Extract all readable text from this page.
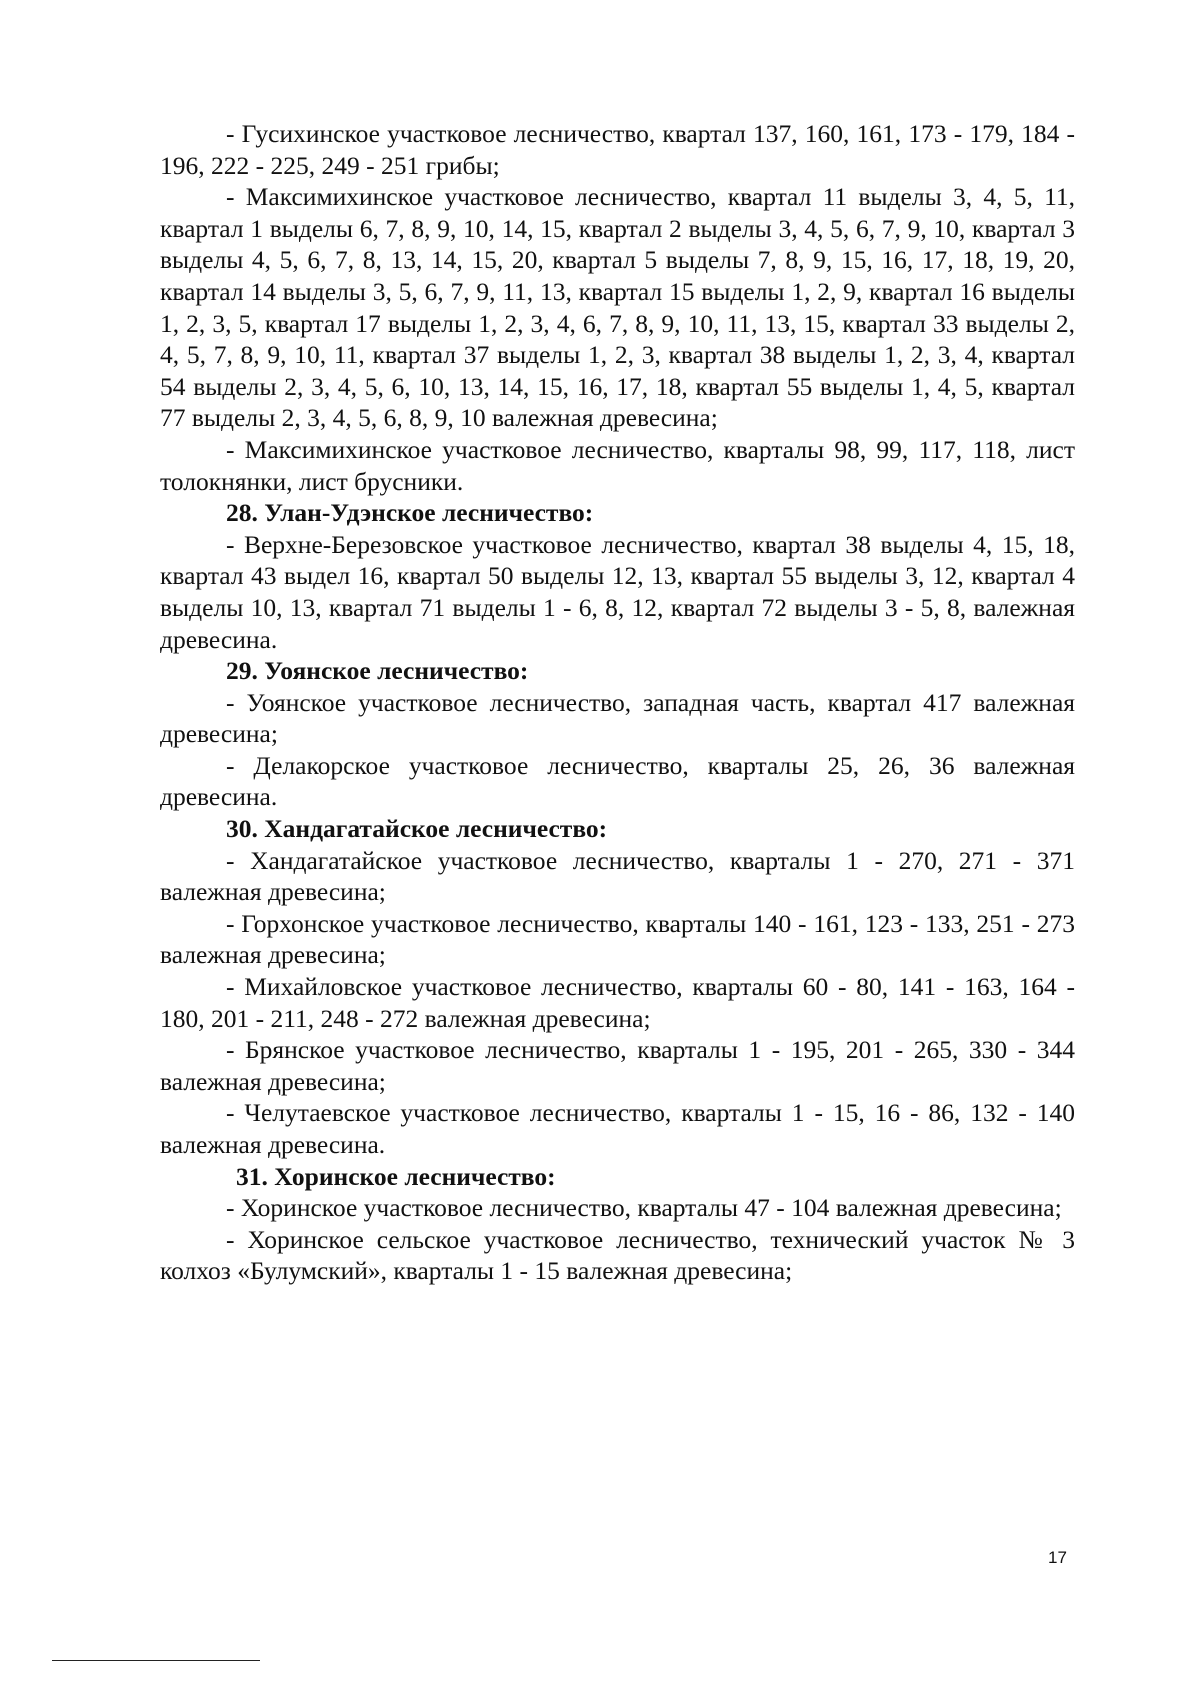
- Гусихинское участковое лесничество, квартал 137, 160, 161, 173 - 179, 184 - 196, 222 - 225, 249 - 251 грибы;

- Максимихинское участковое лесничество, квартал 11 выделы 3, 4, 5, 11, квартал 1 выделы 6, 7, 8, 9, 10, 14, 15, квартал 2 выделы 3, 4, 5, 6, 7, 9, 10, квартал 3 выделы 4, 5, 6, 7, 8, 13, 14, 15, 20, квартал 5 выделы 7, 8, 9, 15, 16, 17, 18, 19, 20, квартал 14 выделы 3, 5, 6, 7, 9, 11, 13, квартал 15 выделы 1, 2, 9, квартал 16 выделы 1, 2, 3, 5, квартал 17 выделы 1, 2, 3, 4, 6, 7, 8, 9, 10, 11, 13, 15, квартал 33 выделы 2, 4, 5, 7, 8, 9, 10, 11, квартал 37 выделы 1, 2, 3, квартал 38 выделы 1, 2, 3, 4, квартал 54 выделы 2, 3, 4, 5, 6, 10, 13, 14, 15, 16, 17, 18, квартал 55 выделы 1, 4, 5, квартал 77 выделы 2, 3, 4, 5, 6, 8, 9, 10 валежная древесина;

- Максимихинское участковое лесничество, кварталы 98, 99, 117, 118, лист толокнянки, лист брусники.

28. Улан-Удэнское лесничество:

- Верхне-Березовское участковое лесничество, квартал 38 выделы 4, 15, 18, квартал 43 выдел 16, квартал 50 выделы 12, 13, квартал 55 выделы 3, 12, квартал 4 выделы 10, 13, квартал 71 выделы 1 - 6, 8, 12, квартал 72 выделы 3 - 5, 8, валежная древесина.

29. Уоянское лесничество:

- Уоянское участковое лесничество, западная часть, квартал 417 валежная древесина;

- Делакорское участковое лесничество, кварталы 25, 26, 36 валежная древесина.

30. Хандагатайское лесничество:

- Хандагатайское участковое лесничество, кварталы 1 - 270, 271 - 371 валежная древесина;

- Горхонское участковое лесничество, кварталы 140 - 161, 123 - 133, 251 - 273 валежная древесина;

- Михайловское участковое лесничество, кварталы 60 - 80, 141 - 163, 164 - 180, 201 - 211, 248 - 272 валежная древесина;

- Брянское участковое лесничество, кварталы 1 - 195, 201 - 265, 330 - 344 валежная древесина;

- Челутаевское участковое лесничество, кварталы 1 - 15, 16 - 86, 132 - 140 валежная древесина.

31. Хоринское лесничество:

- Хоринское участковое лесничество, кварталы 47 - 104 валежная древесина;

- Хоринское сельское участковое лесничество, технический участок № 3 колхоз «Булумский», кварталы 1 - 15 валежная древесина;

17
